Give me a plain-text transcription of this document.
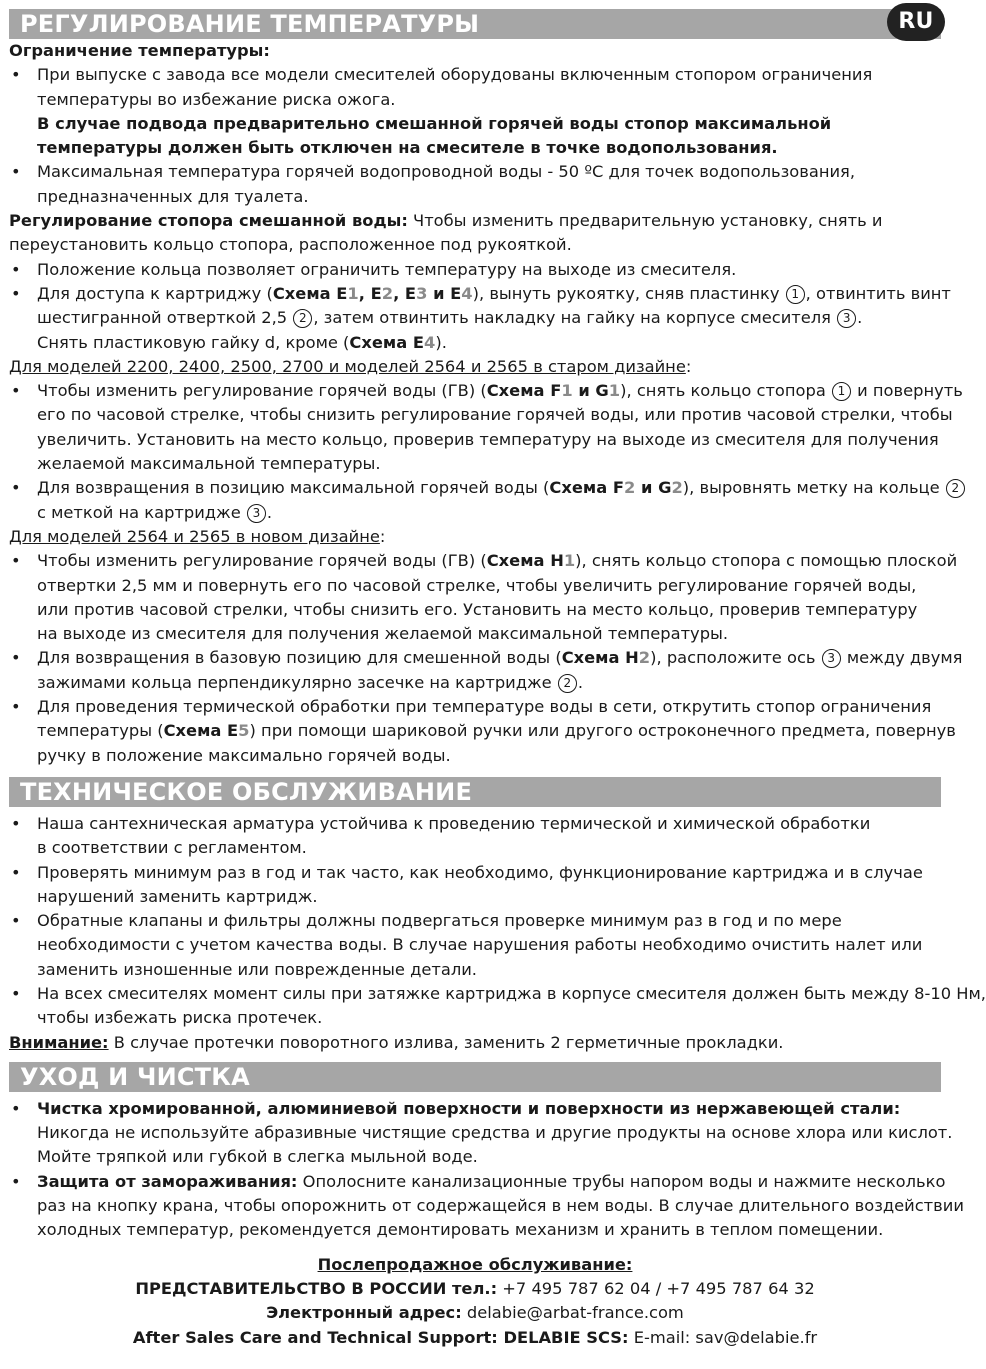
РЕГУЛИРОВАНИЕ ТЕМПЕРАТУРЫ	RU
Ограничение температуры:
• При выпуске с завода все модели смесителей оборудованы включенным стопором ограничения
температуры во избежание риска ожога.
В случае подвода предварительно смешанной горячей воды стопор максимальной
температуры должен быть отключен на смесителе в точке водопользования.
• Максимальная температура горячей водопроводной воды - 50 ºC для точек водопользования,
предназначенных для туалета.
Регулирование стопора смешанной воды: Чтобы изменить предварительную установку, снять и
переустановить кольцо стопора, расположенное под рукояткой.
• Положение кольца позволяет ограничить температуру на выходе из смесителя.
• Для доступа к картриджу (Схема E1, E2, E3 и E4), вынуть рукоятку, сняв пластинку 1 , отвинтить винт
шестигранной отверткой 2,5 2 , затем отвинтить накладку на гайку на корпусе смесителя 3 .
Снять пластиковую гайку d, кроме (Схема E4).
Для моделей 2200, 2400, 2500, 2700 и моделей 2564 и 2565 в старом дизайне:
• Чтобы изменить регулирование горячей воды (ГВ) (Схема F1 и G1), снять кольцо стопора 1 и повернуть
его по часовой стрелке, чтобы снизить регулирование горячей воды, или против часовой стрелки, чтобы
увеличить. Установить на место кольцо, проверив температуру на выходе из смесителя для получения
желаемой максимальной температуры.
• Для возвращения в позицию максимальной горячей воды (Схема F2 и G2), выровнять метку на кольце 2
с меткой на картридже 3 .
Для моделей 2564 и 2565 в новом дизайне:
• Чтобы изменить регулирование горячей воды (ГВ) (Схема H1), снять кольцо стопора с помощью плоской
отвертки 2,5 мм и повернуть его по часовой стрелке, чтобы увеличить регулирование горячей воды,
или против часовой стрелки, чтобы снизить его. Установить на место кольцо, проверив температуру
на выходе из смесителя для получения желаемой максимальной температуры.
• Для возвращения в базовую позицию для смешенной воды (Схема H2), расположите ось 3 между двумя
зажимами кольца перпендикулярно засечке на картридже 2 .
• Для проведения термической обработки при температуре воды в сети, открутить стопор ограничения
температуры (Схема E5) при помощи шариковой ручки или другого остроконечного предмета, повернув
ручку в положение максимально горячей воды.
ТЕХНИЧЕСКОЕ ОБСЛУЖИВАНИЕ
• Наша сантехническая арматура устойчива к проведению термической и химической обработки
в соответствии с регламентом.
• Проверять минимум раз в год и так часто, как необходимо, функционирование картриджа и в случае
нарушений заменить картридж.
• Обратные клапаны и фильтры должны подвергаться проверке минимум раз в год и по мере
необходимости с учетом качества воды. В случае нарушения работы необходимо очистить налет или
заменить изношенные или поврежденные детали.
• На всех смесителях момент силы при затяжке картриджа в корпусе смесителя должен быть между 8-10 Нм,
чтобы избежать риска протечек.
Внимание: В случае протечки поворотного излива, заменить 2 герметичные прокладки.
УХОД И ЧИСТКА
• Чистка хромированной, алюминиевой поверхности и поверхности из нержавеющей стали:
Никогда не используйте абразивные чистящие средства и другие продукты на основе хлора или кислот.
Мойте тряпкой или губкой в слегка мыльной воде.
• Защита от замораживания: Ополосните канализационные трубы напором воды и нажмите несколько
раз на кнопку крана, чтобы опорожнить от содержащейся в нем воды. В случае длительного воздействии
холодных температур, рекомендуется демонтировать механизм и хранить в теплом помещении.
Послепродажное обслуживание:
ПРЕДСТАВИТЕЛЬСТВО В РОССИИ тел.: +7 495 787 62 04 / +7 495 787 64 32
Электронный адрес: delabie@arbat-france.com
After Sales Care and Technical Support: DELABIE SCS: E-mail: sav@delabie.fr
